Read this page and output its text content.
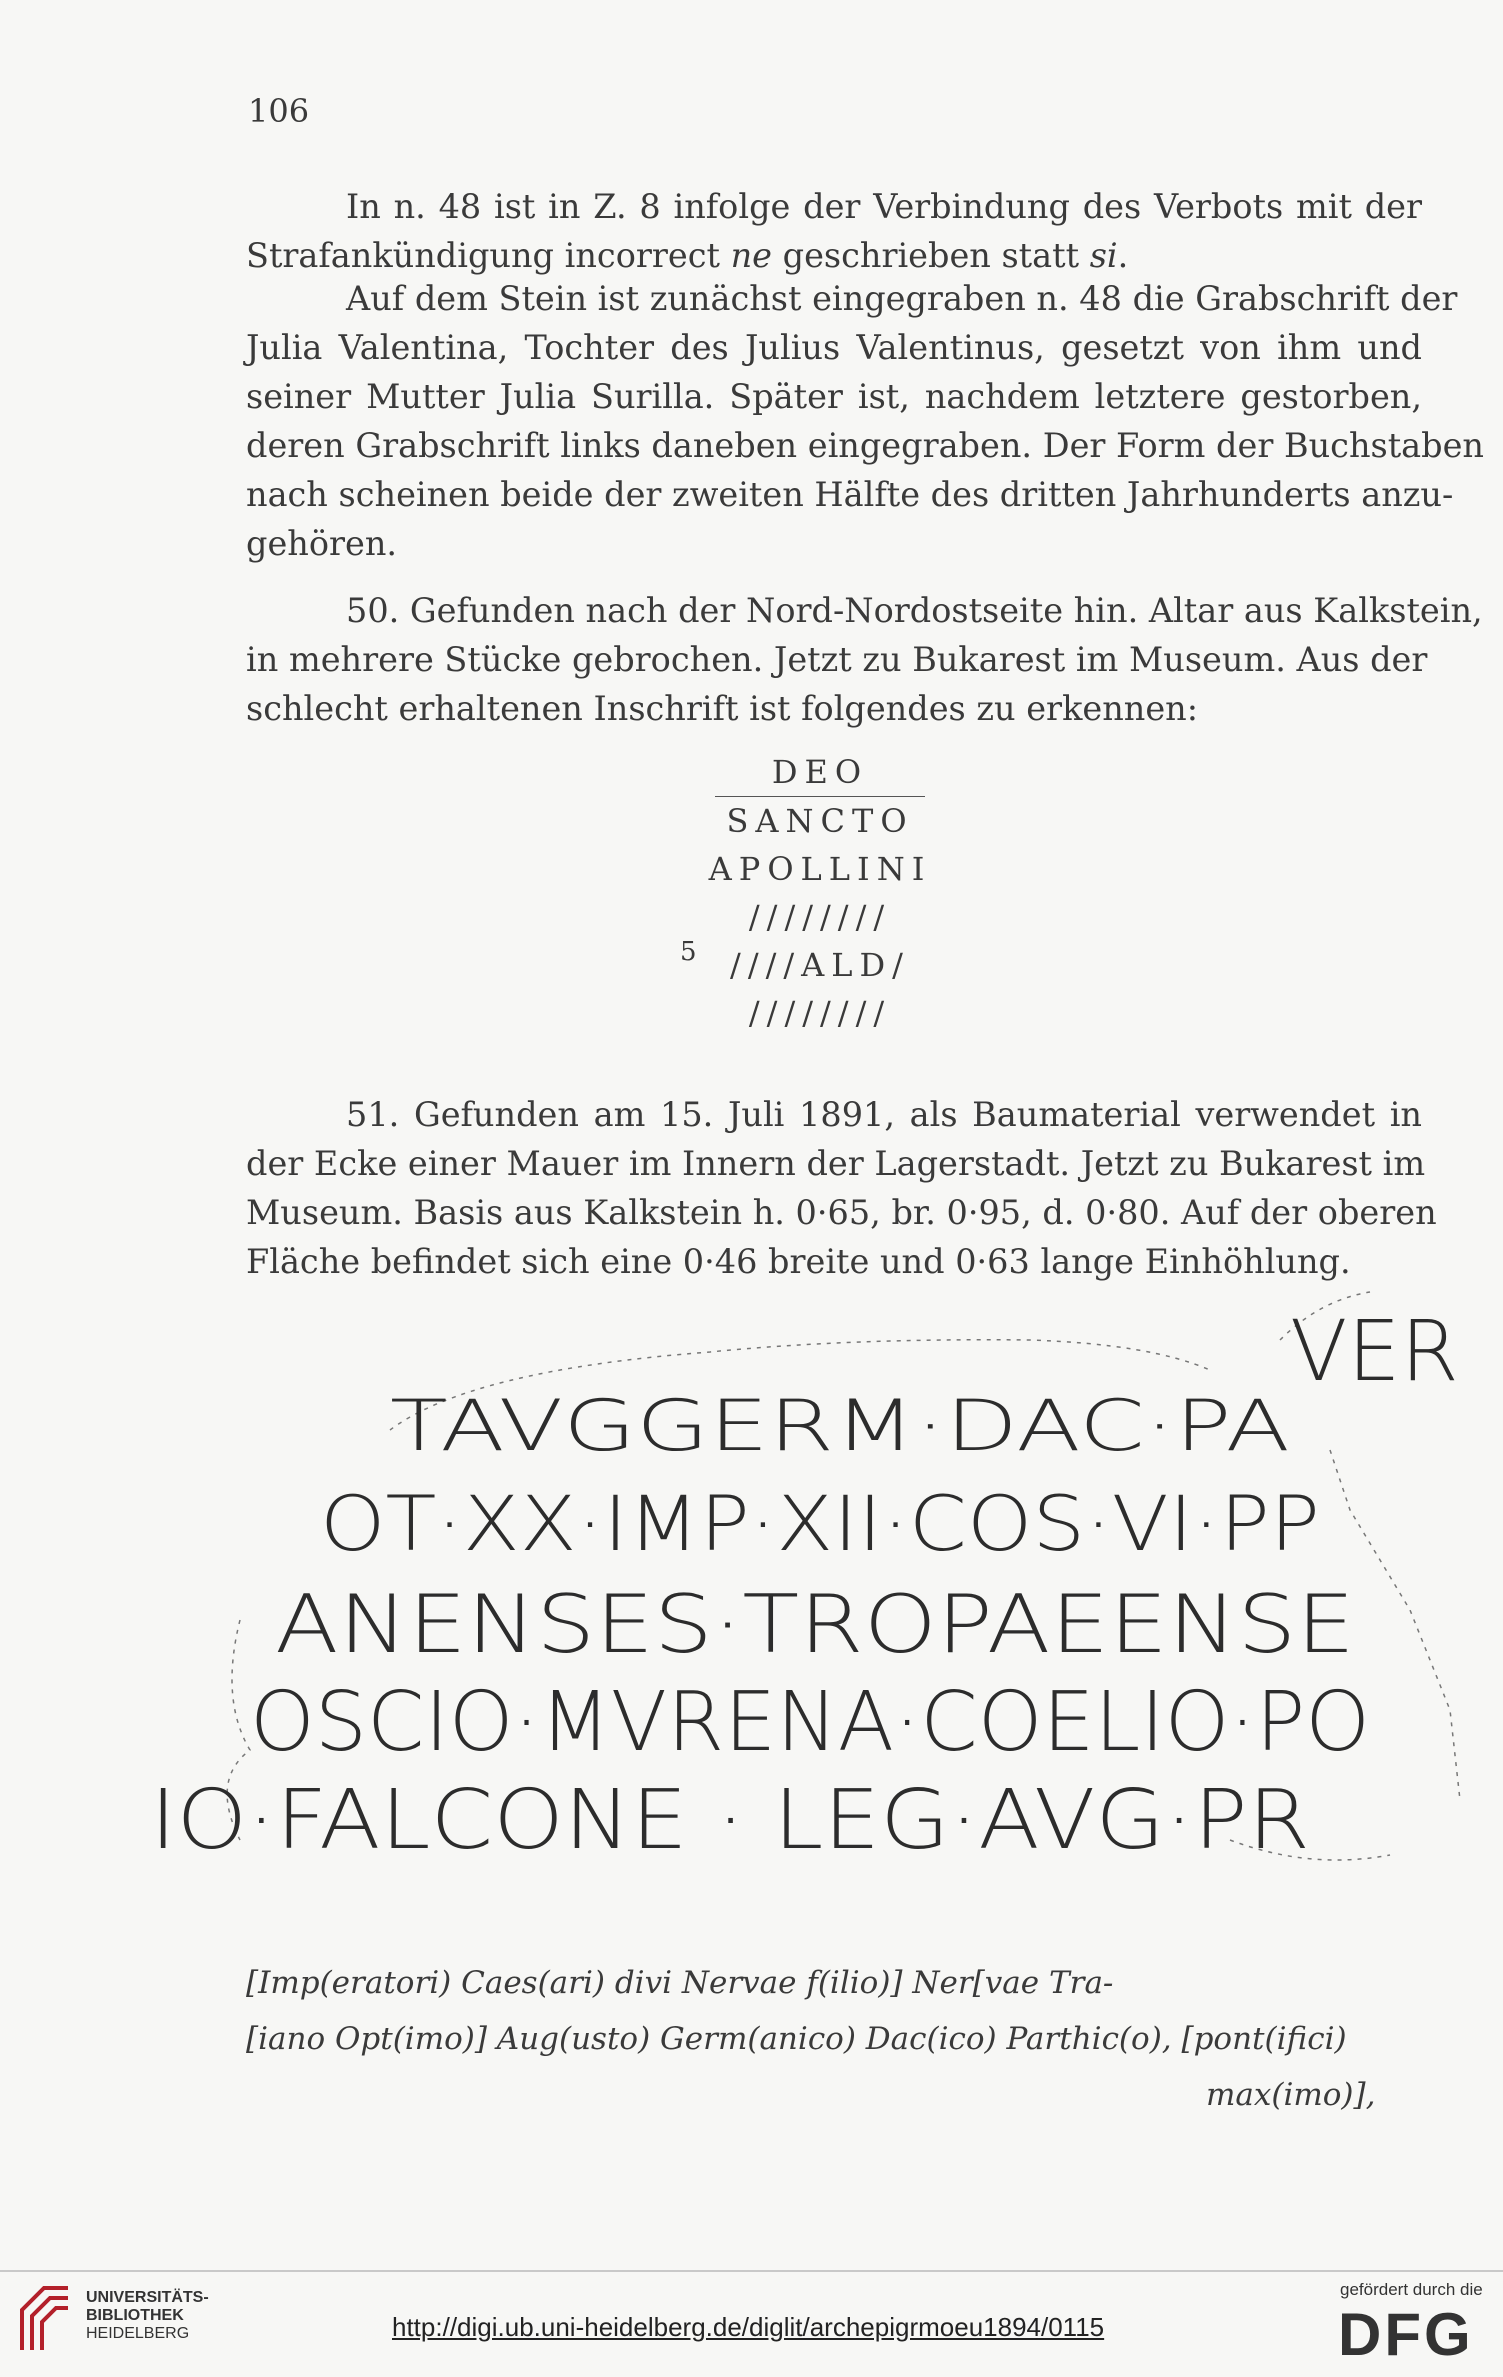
106
In n. 48 ist in Z. 8 infolge der Verbindung des Verbots mit der
Strafankündigung incorrect ne geschrieben statt si.
Auf dem Stein ist zunächst eingegraben n. 48 die Grabschrift der
Julia Valentina, Tochter des Julius Valentinus, gesetzt von ihm und
seiner Mutter Julia Surilla. Später ist, nachdem letztere gestorben,
deren Grabschrift links daneben eingegraben. Der Form der Buchstaben
nach scheinen beide der zweiten Hälfte des dritten Jahrhunderts anzu-
gehören.
50. Gefunden nach der Nord-Nordostseite hin. Altar aus Kalkstein,
in mehrere Stücke gebrochen. Jetzt zu Bukarest im Museum. Aus der
schlecht erhaltenen Inschrift ist folgendes zu erkennen:
DEO
SANCTO
APOLLINI
////////
////ALD/
////////
5
51. Gefunden am 15. Juli 1891, als Baumaterial verwendet in
der Ecke einer Mauer im Innern der Lagerstadt. Jetzt zu Bukarest im
Museum. Basis aus Kalkstein h. 0·65, br. 0·95, d. 0·80. Auf der oberen
Fläche befindet sich eine 0·46 breite und 0·63 lange Einhöhlung.
VER
TAVGGERM·DAC·PA
OT·XX·IMP·XII·COS·VI·PP
ANENSES·TROPAEENSE
OSCIO·MVRENA·COELIO·PO
IO·FALCONE · LEG·AVG·PR
[Imp(eratori) Caes(ari) divi Nervae f(ilio)] Ner[vae Tra-
[iano Opt(imo)] Aug(usto) Germ(anico) Dac(ico) Parthic(o), [pont(ifici)
max(imo)],
UNIVERSITÄTS-
BIBLIOTHEK
HEIDELBERG	http://digi.ub.uni-heidelberg.de/diglit/archepigrmoeu1894/0115
gefördert durch die
DFG
